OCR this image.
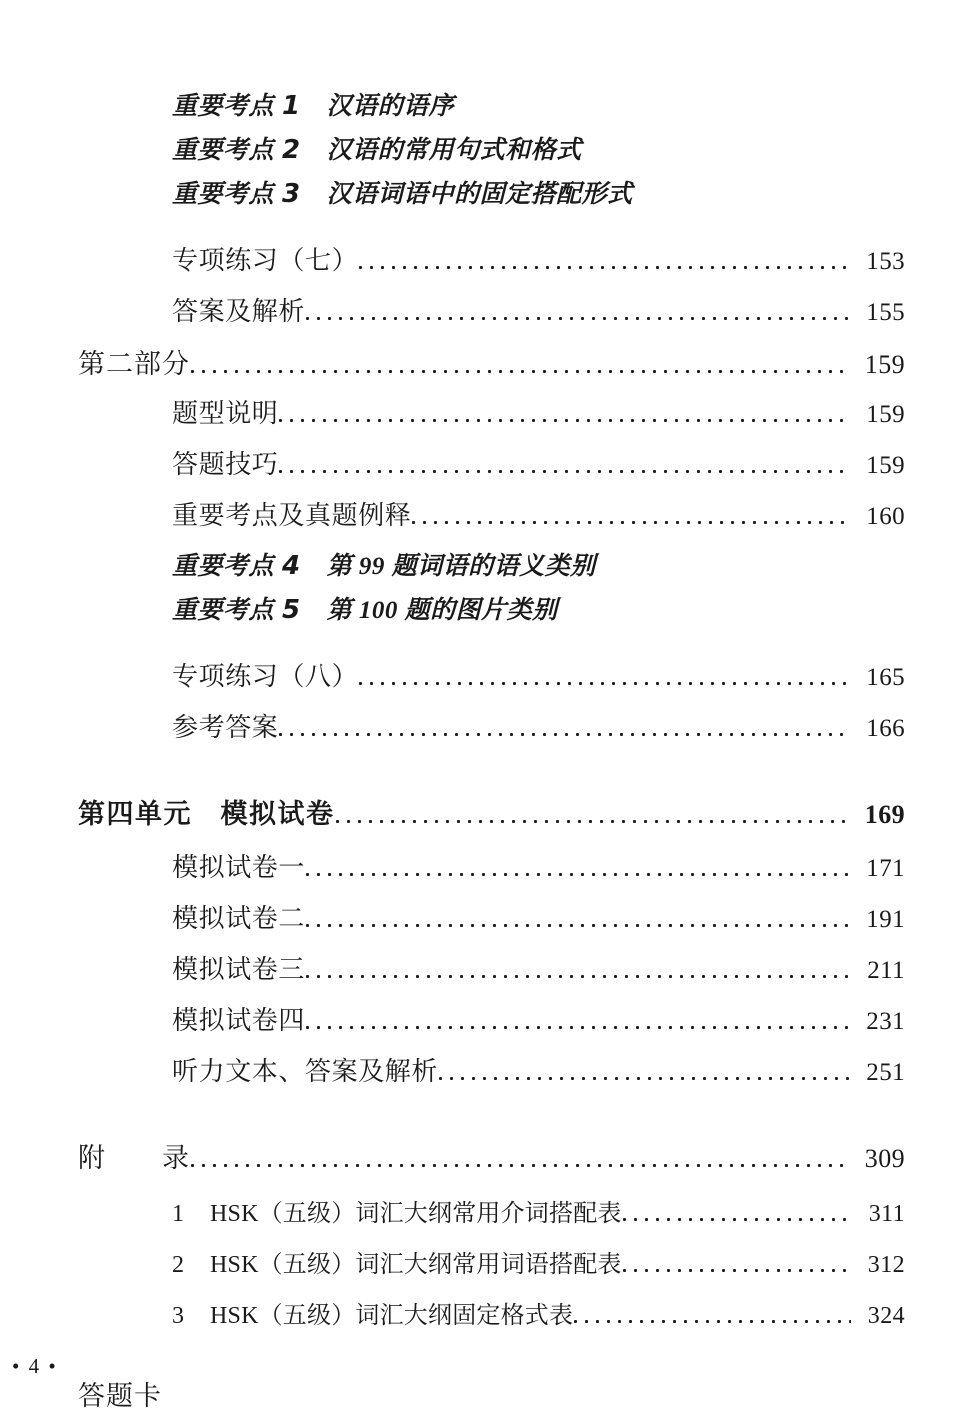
重要考点 1 汉语的语序
重要考点 2 汉语的常用句式和格式
重要考点 3 汉语词语中的固定搭配形式
专项练习（七）	153
答案及解析	155
第二部分	159
题型说明	159
答题技巧	159
重要考点及真题例释	160
重要考点 4 第 99 题词语的语义类别
重要考点 5 第 100 题的图片类别
专项练习（八）	165
参考答案	166
第四单元　模拟试卷	169
模拟试卷一	171
模拟试卷二	191
模拟试卷三	211
模拟试卷四	231
听力文本、答案及解析	251
附　　录	309
1	HSK（五级）词汇大纲常用介词搭配表	311
2	HSK（五级）词汇大纲常用词语搭配表	312
3	HSK（五级）词汇大纲固定格式表	324
答题卡
• 4 •
